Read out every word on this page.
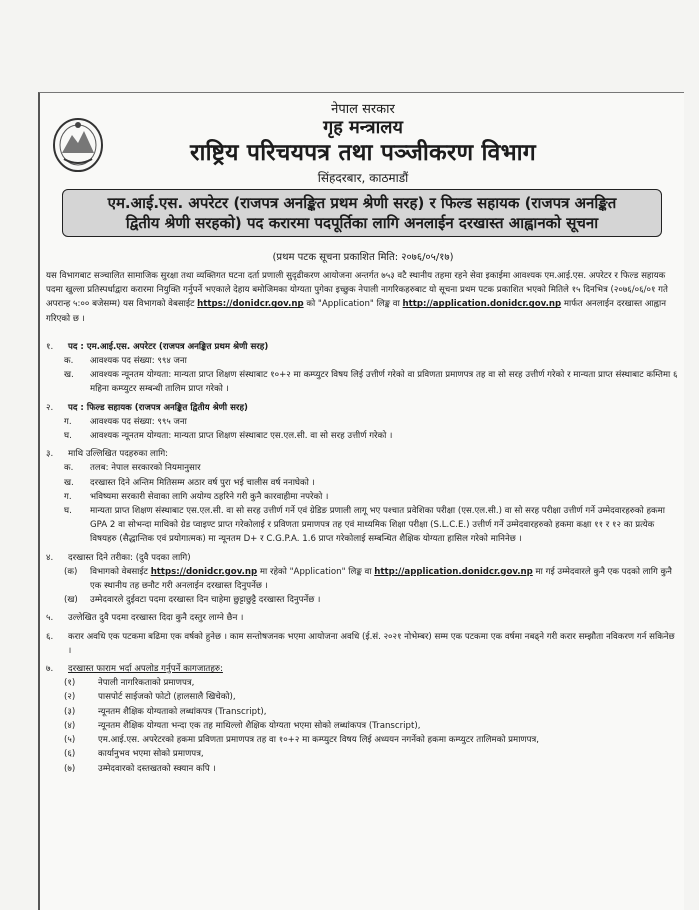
नेपाल सरकार
गृह मन्त्रालय
राष्ट्रिय परिचयपत्र तथा पञ्जीकरण विभाग
सिंहदरबार, काठमाडौं
एम.आई.एस. अपरेटर (राजपत्र अनङ्कित प्रथम श्रेणी सरह) र फिल्ड सहायक (राजपत्र अनङ्कित
द्वितीय श्रेणी सरहको) पद करारमा पदपूर्तिका लागि अनलाईन दरखास्त आह्वानको सूचना
(प्रथम पटक सूचना प्रकाशित मिति: २०७६/०५/१७)

यस विभागबाट सञ्चालित सामाजिक सुरक्षा तथा व्यक्तिगत घटना दर्ता प्रणाली सुदृढीकरण आयोजना अन्तर्गत ७५३ वटै स्थानीय तहमा रहने सेवा इकाईमा आवश्यक एम.आई.एस. अपरेटर र फिल्ड सहायक पदमा खुल्ला प्रतिस्पर्धाद्वारा करारमा नियुक्ति गर्नुपर्ने भएकाले देहाय बमोजिमका योग्यता पुगेका इच्छुक नेपाली नागरिकहरुबाट यो सूचना प्रथम पटक प्रकाशित भएको मितिले १५ दिनभित्र (२०७६/०६/०१ गते अपरान्ह ५:०० बजेसम्म) यस विभागको वेबसाईट https://donidcr.gov.np को "Application" लिङ्क वा http://application.donidcr.gov.np मार्फत अनलाईन दरखास्त आह्वान गरिएको छ ।

१.	पद : एम.आई.एस. अपरेटर (राजपत्र अनङ्कित प्रथम श्रेणी सरह)
क.	आवश्यक पद संख्या: ९९४ जना
ख.	आवश्यक न्यूनतम योग्यता: मान्यता प्राप्त शिक्षण संस्थाबाट १०+२ मा कम्प्युटर विषय लिई उत्तीर्ण गरेको वा प्रविणता प्रमाणपत्र तह वा सो सरह उत्तीर्ण गरेको र मान्यता प्राप्त संस्थाबाट कम्तिमा ६ महिना कम्प्युटर सम्बन्धी तालिम प्राप्त गरेको ।
२.	पद : फिल्ड सहायक (राजपत्र अनङ्कित द्वितीय श्रेणी सरह)
ग.	आवश्यक पद संख्या: ९९५ जना
घ.	आवश्यक न्यूनतम योग्यता: मान्यता प्राप्त शिक्षण संस्थाबाट एस.एल.सी. वा सो सरह उत्तीर्ण गरेको ।
३.	माथि उल्लिखित पदहरुका लागि:
क.	तलब: नेपाल सरकारको नियमानुसार
ख.	दरखास्त दिने अन्तिम मितिसम्म अठार वर्ष पुरा भई चालीस वर्ष ननाघेको ।
ग.	भविष्यमा सरकारी सेवाका लागि अयोग्य ठहरिने गरी कुनै कारवाहीमा नपरेको ।
घ.	मान्यता प्राप्त शिक्षण संस्थाबाट एस.एल.सी. वा सो सरह उत्तीर्ण गर्ने एवं ग्रेडिङ प्रणाली लागू भए पश्चात प्रवेशिका परीक्षा (एस.एल.सी.) वा सो सरह परीक्षा उत्तीर्ण गर्ने उम्मेदवारहरुको हकमा GPA 2 वा सोभन्दा माथिको ग्रेड प्वाइण्ट प्राप्त गरेकोलाई र प्रविणता प्रमाणपत्र तह एवं माध्यमिक शिक्षा परीक्षा (S.L.C.E.) उत्तीर्ण गर्ने उम्मेदवारहरुको हकमा कक्षा ११ र १२ का प्रत्येक विषयहरु (सैद्धान्तिक एवं प्रयोगात्मक) मा न्यूनतम D+ र C.G.P.A. 1.6 प्राप्त गरेकोलाई सम्बन्धित शैक्षिक योग्यता हासिल गरेको मानिनेछ ।
४.	दरखास्त दिने तरीका: (दुवै पदका लागि)
(क)	विभागको वेबसाईट https://donidcr.gov.np मा रहेको "Application" लिङ्क वा http://application.donidcr.gov.np मा गई उम्मेदवारले कुनै एक पदको लागि कुनै एक स्थानीय तह छनौट गरी अनलाईन दरखास्त दिनुपर्नेछ ।
(ख)	उम्मेदवारले दुईवटा पदमा दरखास्त दिन चाहेमा छुट्टाछुट्टै दरखास्त दिनुपर्नेछ ।
५.	उल्लेखित दुवै पदमा दरखास्त दिदा कुनै दस्तुर लाग्ने छैन ।
६.	करार अवधि एक पटकमा बढिमा एक वर्षको हुनेछ । काम सन्तोषजनक भएमा आयोजना अवधि (ई.सं. २०२१ नोभेम्बर) सम्म एक पटकमा एक वर्षमा नबढ्ने गरी करार सम्झौता नविकरण गर्न सकिनेछ ।
७.	दरखास्त फाराम भर्दा अपलोड गर्नुपर्ने कागजातहरु:
(१)	नेपाली नागरिकताको प्रमाणपत्र,
(२)	पासपोर्ट साईजको फोटो (हालसालै खिचेको),
(३)	न्यूनतम शैक्षिक योग्यताको लब्धांकपत्र (Transcript),
(४)	न्यूनतम शैक्षिक योग्यता भन्दा एक तह माथिल्लो शैक्षिक योग्यता भएमा सोको लब्धांकपत्र (Transcript),
(५)	एम.आई.एस. अपरेटरको हकमा प्रविणता प्रमाणपत्र तह वा १०+२ मा कम्प्युटर विषय लिई अध्ययन नगर्नेको हकमा कम्प्युटर तालिमको प्रमाणपत्र,
(६)	कार्यानुभव भएमा सोको प्रमाणपत्र,
(७)	उम्मेदवारको दस्तखतको स्क्यान कपि ।
